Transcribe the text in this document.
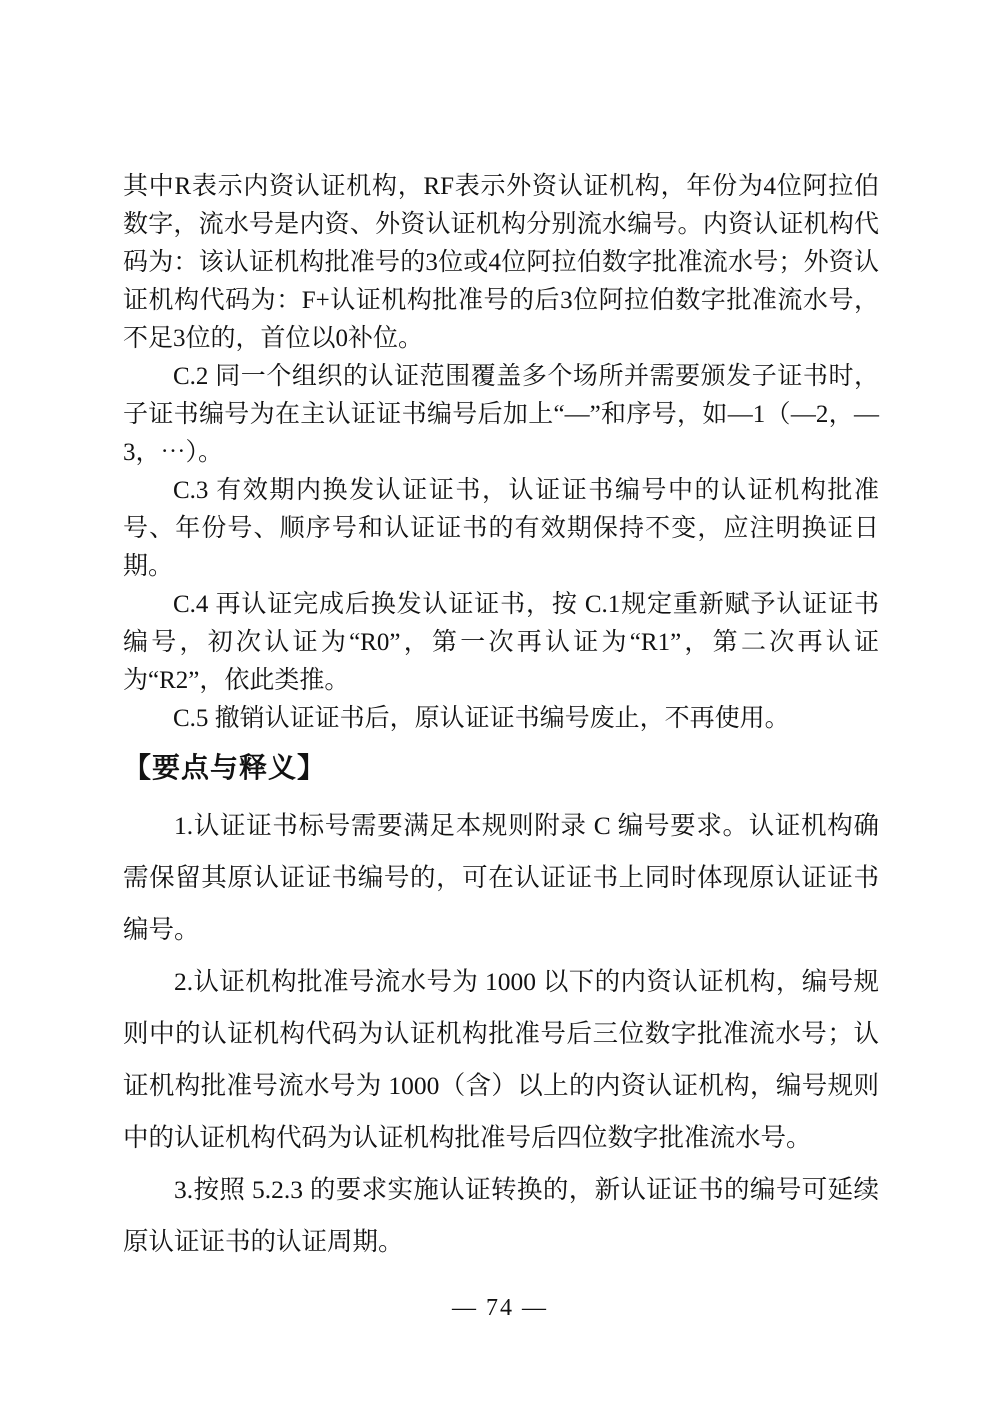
其中R表示内资认证机构，RF表示外资认证机构，年份为4位阿拉伯数字，流水号是内资、外资认证机构分别流水编号。内资认证机构代码为：该认证机构批准号的3位或4位阿拉伯数字批准流水号；外资认证机构代码为：F+认证机构批准号的后3位阿拉伯数字批准流水号，不足3位的，首位以0补位。

C.2 同一个组织的认证范围覆盖多个场所并需要颁发子证书时，子证书编号为在主认证证书编号后加上“—”和序号，如—1（—2，—3，⋯）。

C.3 有效期内换发认证证书，认证证书编号中的认证机构批准号、年份号、顺序号和认证证书的有效期保持不变，应注明换证日期。

C.4 再认证完成后换发认证证书，按 C.1规定重新赋予认证证书编号，初次认证为“R0”，第一次再认证为“R1”，第二次再认证为“R2”，依此类推。

C.5 撤销认证证书后，原认证证书编号废止，不再使用。

【要点与释义】

1.认证证书标号需要满足本规则附录 C 编号要求。认证机构确需保留其原认证证书编号的，可在认证证书上同时体现原认证证书编号。

2.认证机构批准号流水号为 1000 以下的内资认证机构，编号规则中的认证机构代码为认证机构批准号后三位数字批准流水号；认证机构批准号流水号为 1000（含）以上的内资认证机构，编号规则中的认证机构代码为认证机构批准号后四位数字批准流水号。

3.按照 5.2.3 的要求实施认证转换的，新认证证书的编号可延续原认证证书的认证周期。

— 74 —
